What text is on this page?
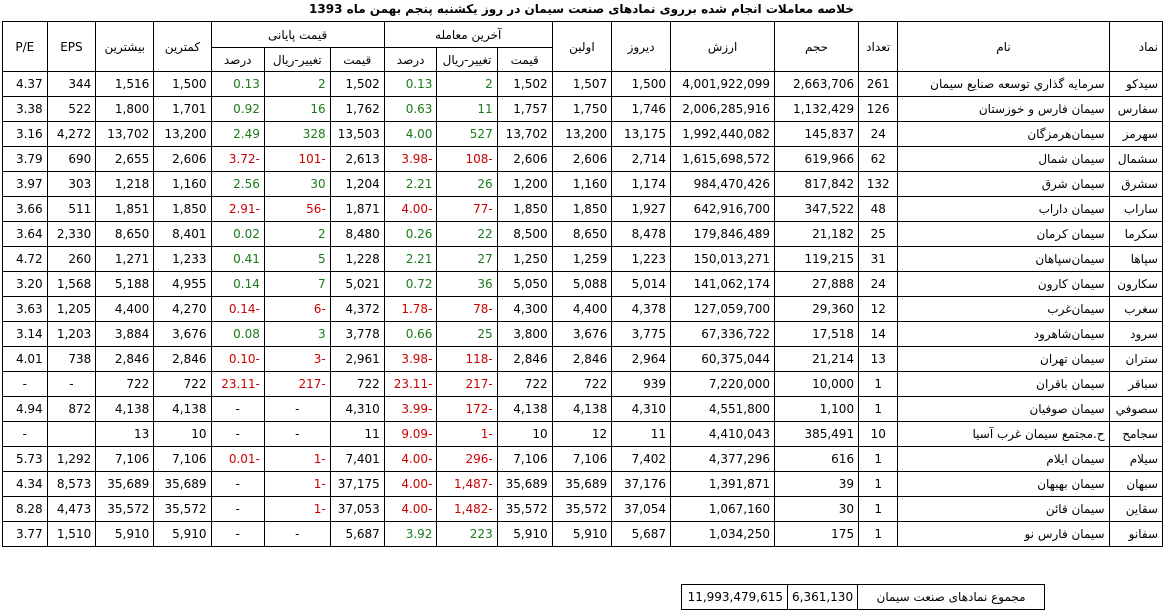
خلاصه معاملات انجام شده برروی نمادهای صنعت سیمان در روز یکشنبه پنجم بهمن ماه 1393
نماد	نام	تعداد	حجم	ارزش	دیروز	اولین	آخرین معامله			قیمت پایانی			کمترین	بیشترین	EPS	P/E
							قیمت	تغییر-ریال	درصد	قیمت	تغییر-ریال	درصد				
سیدکو	سرمایه گذاري توسعه صنایع سیمان	261	2,663,706	4,001,922,099	1,500	1,507	1,502	2	0.13	1,502	2	0.13	1,500	1,516	344	4.37
سفارس	سیمان فارس و خوزستان	126	1,132,429	2,006,285,916	1,746	1,750	1,757	11	0.63	1,762	16	0.92	1,701	1,800	522	3.38
سهرمز	سیمان‌هرمزگان	24	145,837	1,992,440,082	13,175	13,200	13,702	527	4.00	13,503	328	2.49	13,200	13,702	4,272	3.16
سشمال	سیمان شمال	62	619,966	1,615,698,572	2,714	2,606	2,606	108-	3.98-	2,613	101-	3.72-	2,606	2,655	690	3.79
سشرق	سیمان شرق	132	817,842	984,470,426	1,174	1,160	1,200	26	2.21	1,204	30	2.56	1,160	1,218	303	3.97
ساراب	سیمان داراب	48	347,522	642,916,700	1,927	1,850	1,850	77-	4.00-	1,871	56-	2.91-	1,850	1,851	511	3.66
سکرما	سیمان کرمان	25	21,182	179,846,489	8,478	8,650	8,500	22	0.26	8,480	2	0.02	8,401	8,650	2,330	3.64
سپاها	سیمان‌سپاهان	31	119,215	150,013,271	1,223	1,259	1,250	27	2.21	1,228	5	0.41	1,233	1,271	260	4.72
سکارون	سیمان کارون	24	27,888	141,062,174	5,014	5,088	5,050	36	0.72	5,021	7	0.14	4,955	5,188	1,568	3.20
سغرب	سیمان‌غرب	12	29,360	127,059,700	4,378	4,400	4,300	78-	1.78-	4,372	6-	0.14-	4,270	4,400	1,205	3.63
سرود	سیمان‌شاهرود	14	17,518	67,336,722	3,775	3,676	3,800	25	0.66	3,778	3	0.08	3,676	3,884	1,203	3.14
ستران	سیمان تهران	13	21,214	60,375,044	2,964	2,846	2,846	118-	3.98-	2,961	3-	0.10-	2,846	2,846	738	4.01
سباقر	سیمان باقران	1	10,000	7,220,000	939	722	722	217-	23.11-	722	217-	23.11-	722	722	-	-
سصوفي	سیمان صوفیان	1	1,100	4,551,800	4,310	4,138	4,138	172-	3.99-	4,310	-	-	4,138	4,138	872	4.94
سجامح	ح.مجتمع سيمان غرب آسيا	10	385,491	4,410,043	11	12	10	1-	9.09-	11	-	-	10	13		-
سیلام	سیمان ایلام	1	616	4,377,296	7,402	7,106	7,106	296-	4.00-	7,401	1-	0.01-	7,106	7,106	1,292	5.73
سبهان	سیمان بهبهان	1	39	1,391,871	37,176	35,689	35,689	1,487-	4.00-	37,175	1-	-	35,689	35,689	8,573	4.34
سقاین	سیمان قائن	1	30	1,067,160	37,054	35,572	35,572	1,482-	4.00-	37,053	1-	-	35,572	35,572	4,473	8.28
سفانو	سیمان فارس نو	1	175	1,034,250	5,687	5,910	5,910	223	3.92	5,687	-	-	5,910	5,910	1,510	3.77
مجموع نمادهای صنعت سیمان	6,361,130	11,993,479,615
